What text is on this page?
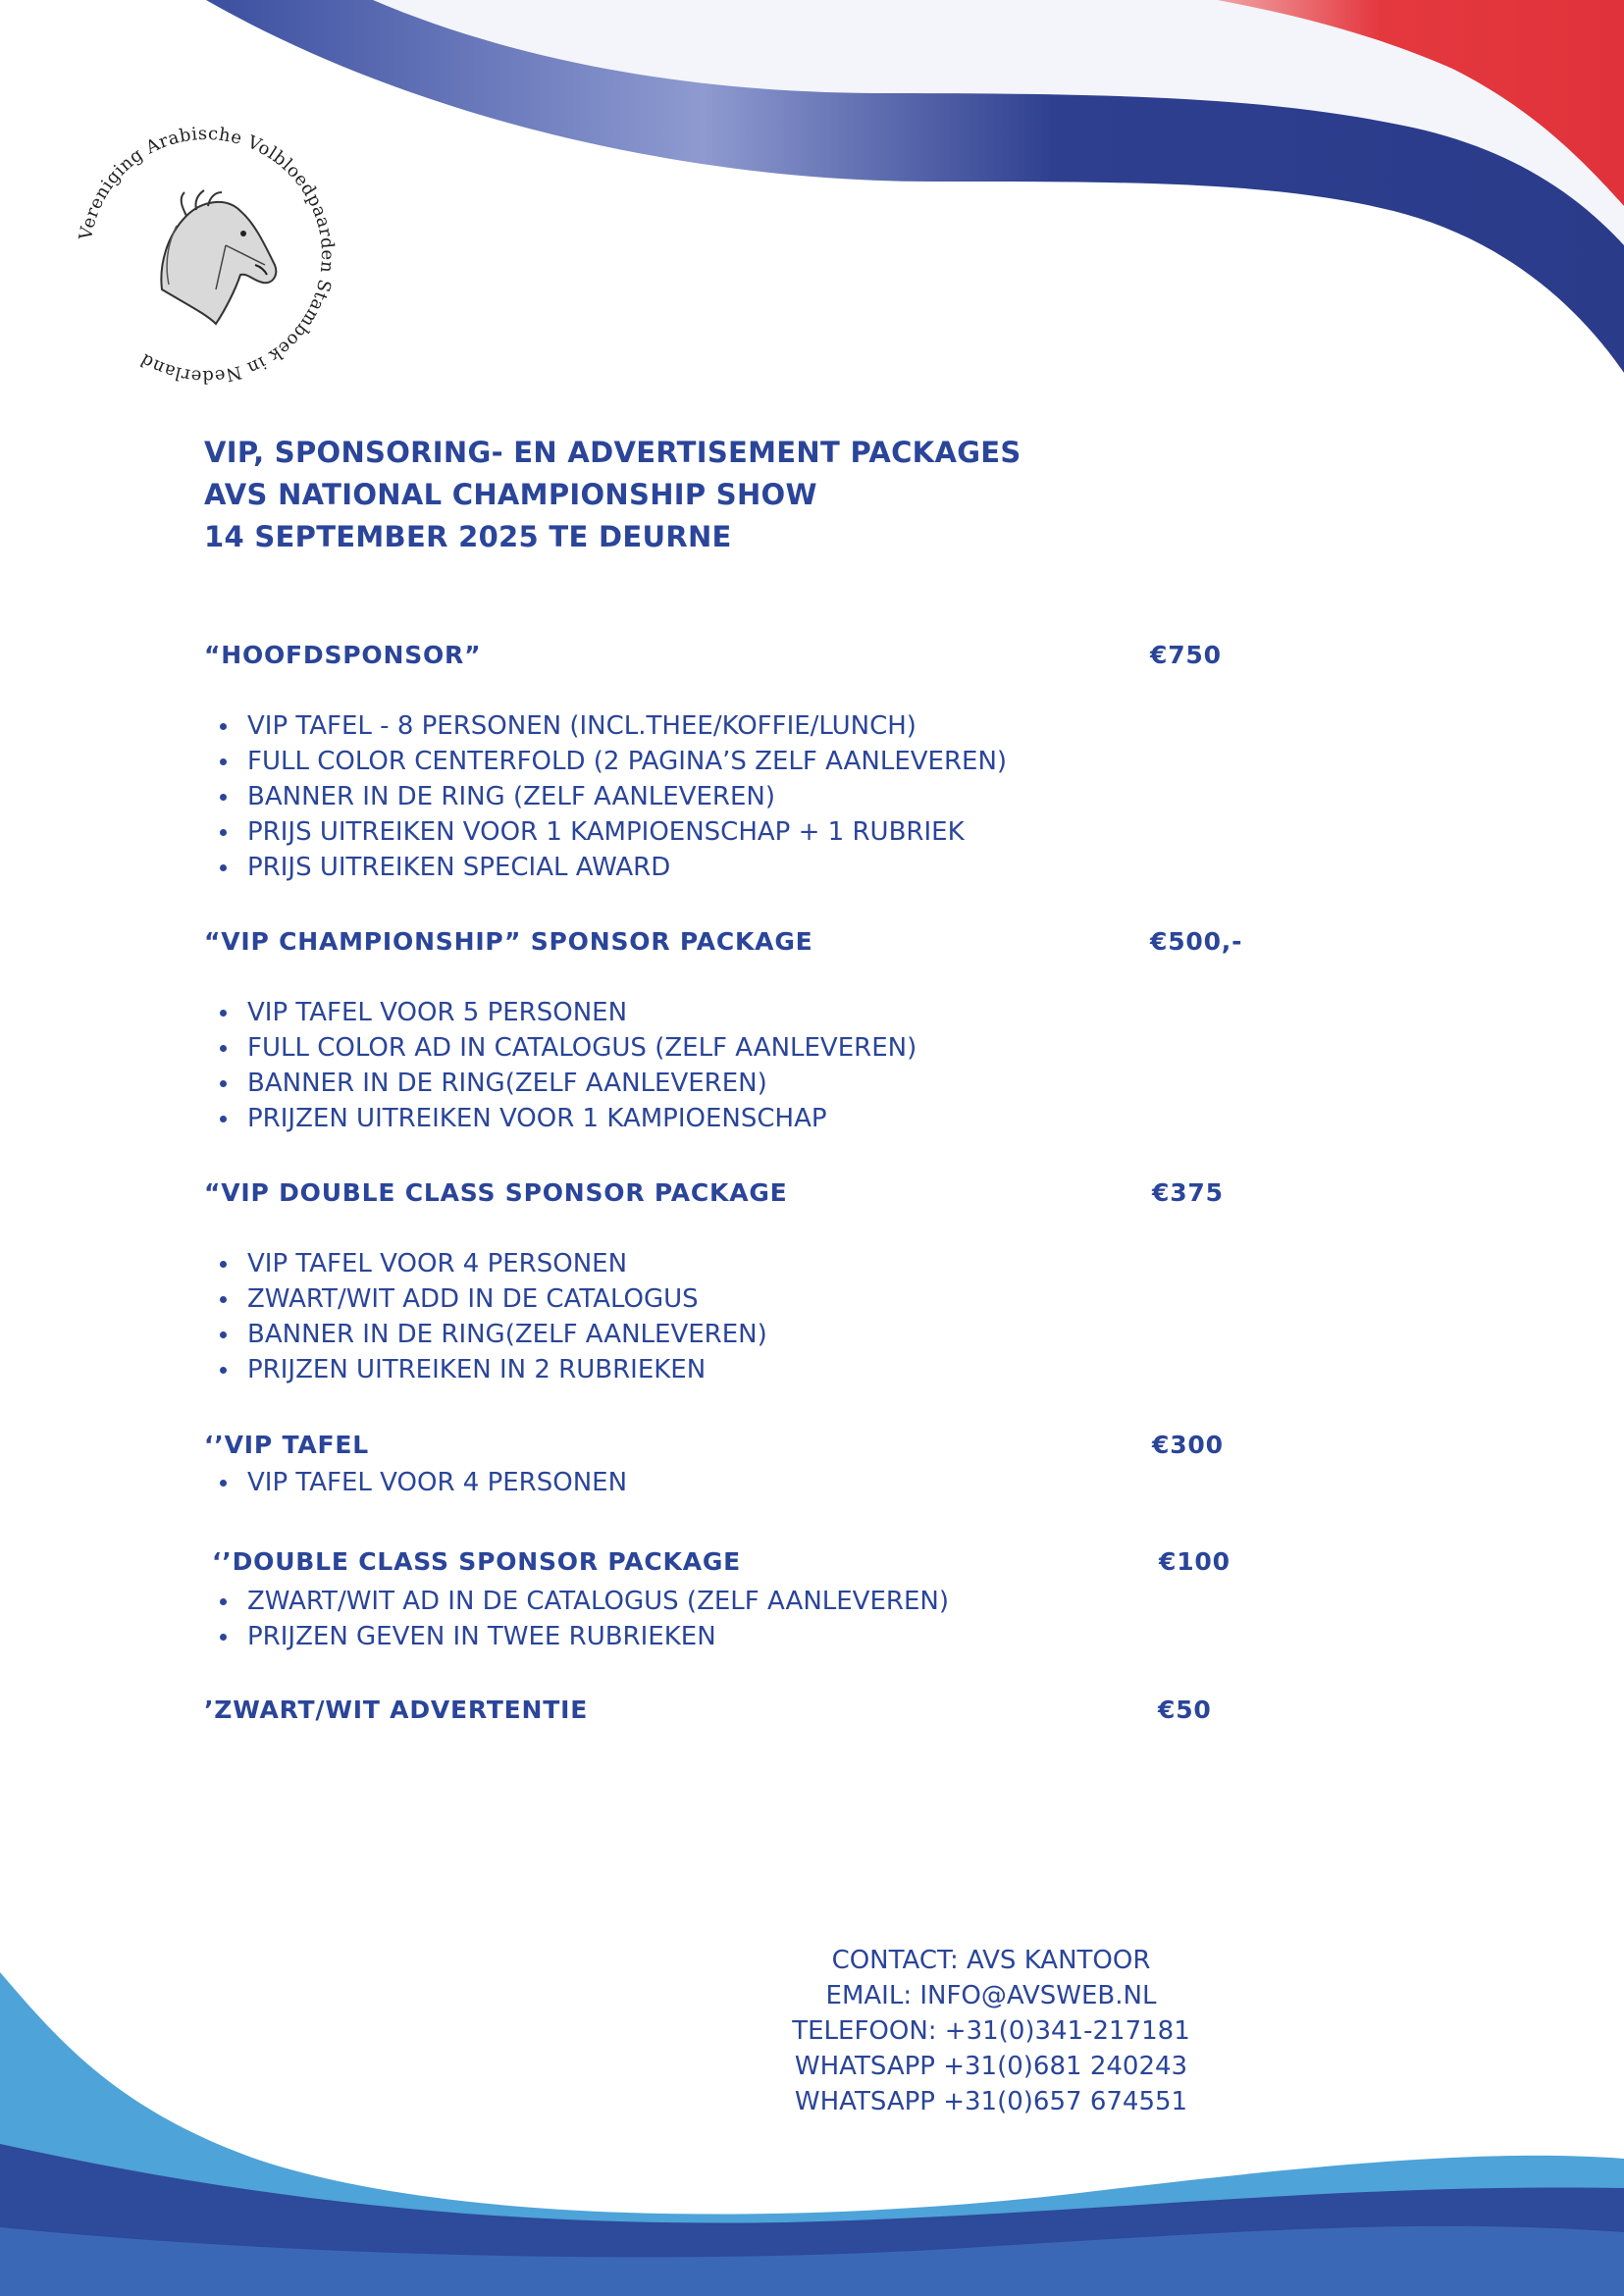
Vereniging Arabische Volbloedpaarden Stamboek in Nederland
VIP, SPONSORING- EN ADVERTISEMENT PACKAGES
AVS NATIONAL CHAMPIONSHIP SHOW
14 SEPTEMBER 2025 TE DEURNE
“HOOFDSPONSOR”	€750
VIP TAFEL - 8 PERSONEN (INCL.THEE/KOFFIE/LUNCH)
FULL COLOR CENTERFOLD (2 PAGINA’S ZELF AANLEVEREN)
BANNER IN DE RING (ZELF AANLEVEREN)
PRIJS UITREIKEN VOOR 1 KAMPIOENSCHAP + 1 RUBRIEK
PRIJS UITREIKEN SPECIAL AWARD
“VIP CHAMPIONSHIP” SPONSOR PACKAGE	€500,-
VIP TAFEL VOOR 5 PERSONEN
FULL COLOR AD IN CATALOGUS (ZELF AANLEVEREN)
BANNER IN DE RING(ZELF AANLEVEREN)
PRIJZEN UITREIKEN VOOR 1 KAMPIOENSCHAP
“VIP DOUBLE CLASS SPONSOR PACKAGE	€375
VIP TAFEL VOOR 4 PERSONEN
ZWART/WIT ADD IN DE CATALOGUS
BANNER IN DE RING(ZELF AANLEVEREN)
PRIJZEN UITREIKEN IN 2 RUBRIEKEN
‘’VIP TAFEL	€300
VIP TAFEL VOOR 4 PERSONEN
‘’DOUBLE CLASS SPONSOR PACKAGE	€100
ZWART/WIT AD IN DE CATALOGUS (ZELF AANLEVEREN)
PRIJZEN GEVEN IN TWEE RUBRIEKEN
’ZWART/WIT ADVERTENTIE	€50
CONTACT: AVS KANTOOR
EMAIL: INFO@AVSWEB.NL
TELEFOON: +31(0)341-217181
WHATSAPP +31(0)681 240243
WHATSAPP +31(0)657 674551
